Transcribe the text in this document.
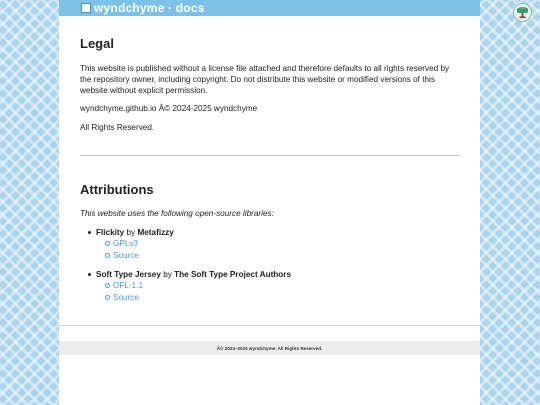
wyndchyme · docs
Legal

This website is published without a license file attached and therefore defaults to all rights reserved by the repository owner, including copyright. Do not distribute this website or modified versions of this website without explicit permission.

wyndchyme.github.io Â© 2024-2025 wyndchyme

All Rights Reserved.

Attributions

This website uses the following open-source libraries:

Flickity by Metafizzy
GPLv3
Source
Soft Type Jersey by The Soft Type Project Authors
OFL-1.1
Source
Â© 2024–2025 wyndchyme. All Rights Reserved.
